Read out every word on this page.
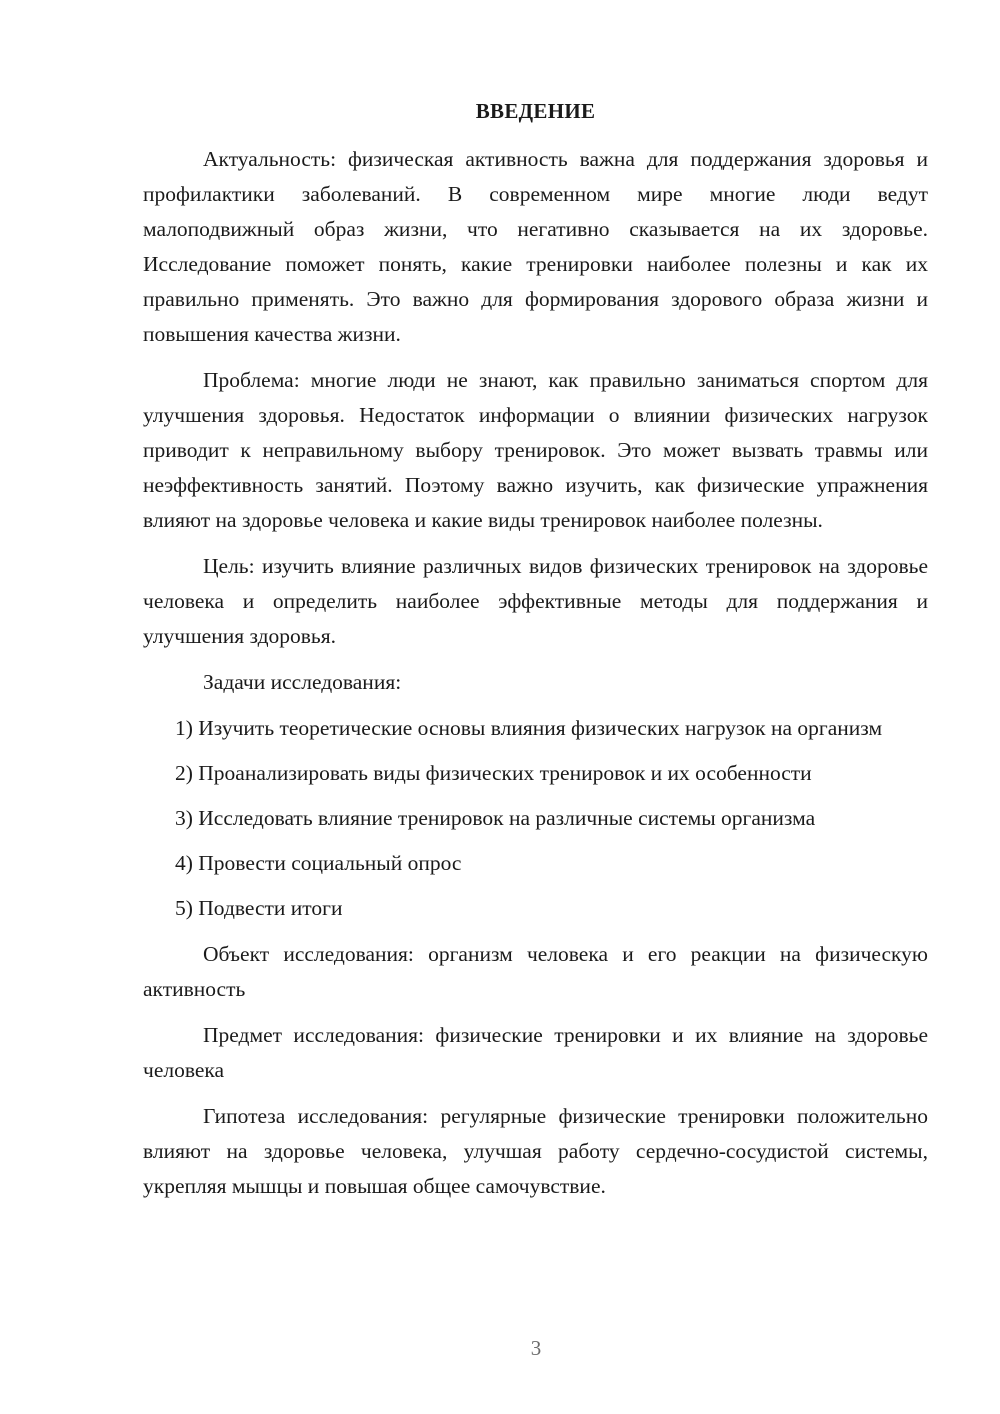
ВВЕДЕНИЕ

Актуальность: физическая активность важна для поддержания здоровья и профилактики заболеваний. В современном мире многие люди ведут малоподвижный образ жизни, что негативно сказывается на их здоровье. Исследование поможет понять, какие тренировки наиболее полезны и как их правильно применять. Это важно для формирования здорового образа жизни и повышения качества жизни.

Проблема: многие люди не знают, как правильно заниматься спортом для улучшения здоровья. Недостаток информации о влиянии физических нагрузок приводит к неправильному выбору тренировок. Это может вызвать травмы или неэффективность занятий. Поэтому важно изучить, как физические упражнения влияют на здоровье человека и какие виды тренировок наиболее полезны.

Цель: изучить влияние различных видов физических тренировок на здоровье человека и определить наиболее эффективные методы для поддержания и улучшения здоровья.

Задачи исследования:

1) Изучить теоретические основы влияния физических нагрузок на организм

2) Проанализировать виды физических тренировок и их особенности

3) Исследовать влияние тренировок на различные системы организма

4) Провести социальный опрос

5) Подвести итоги

Объект исследования: организм человека и его реакции на физическую активность

Предмет исследования: физические тренировки и их влияние на здоровье человека

Гипотеза исследования: регулярные физические тренировки положительно влияют на здоровье человека, улучшая работу сердечно-сосудистой системы, укрепляя мышцы и повышая общее самочувствие.

3
